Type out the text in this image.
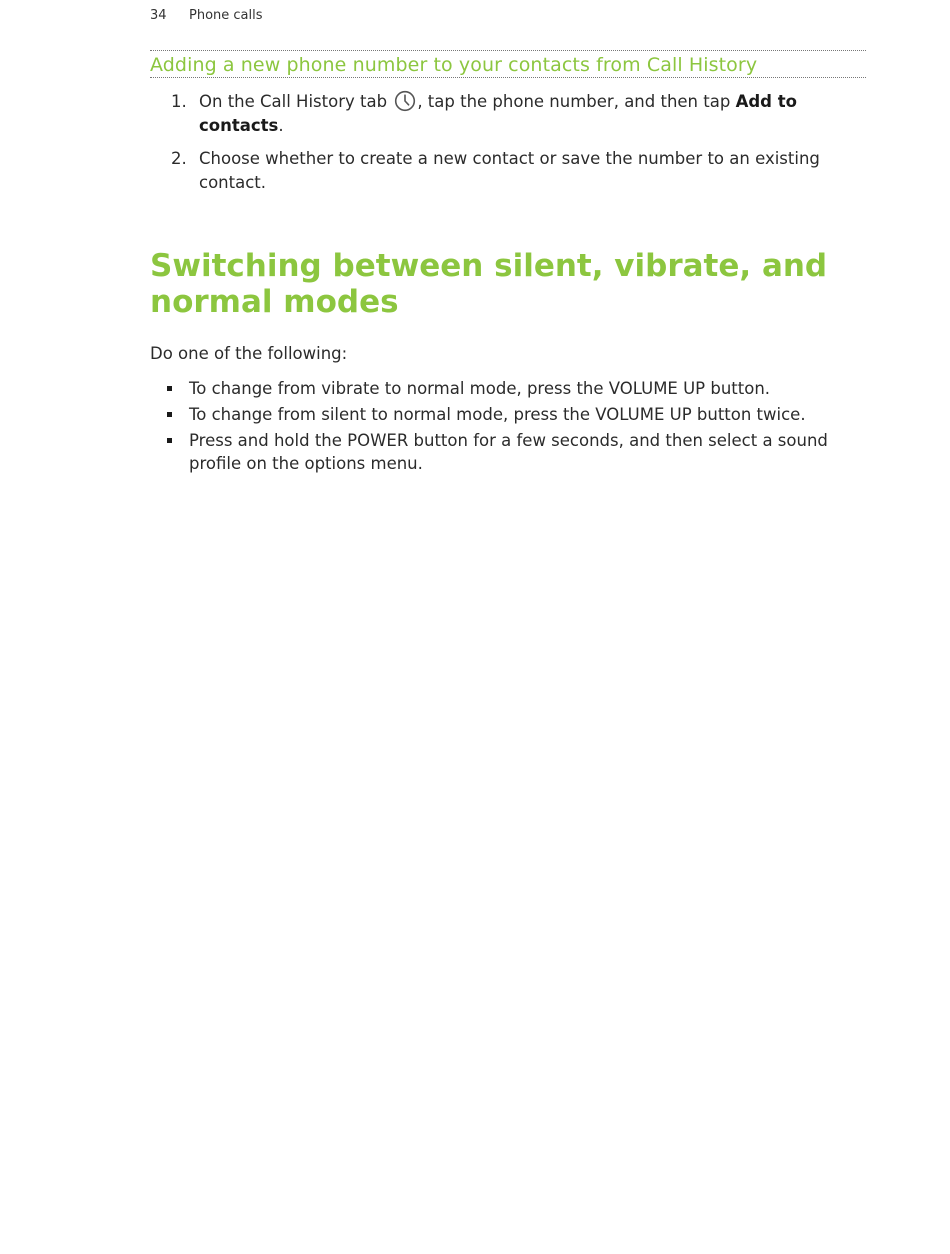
34 Phone calls
Adding a new phone number to your contacts from Call History
1. On the Call History tab , tap the phone number, and then tap Add to contacts.
2. Choose whether to create a new contact or save the number to an existing contact.
Switching between silent, vibrate, and normal modes

Do one of the following:

To change from vibrate to normal mode, press the VOLUME UP button.
To change from silent to normal mode, press the VOLUME UP button twice.
Press and hold the POWER button for a few seconds, and then select a sound profile on the options menu.
